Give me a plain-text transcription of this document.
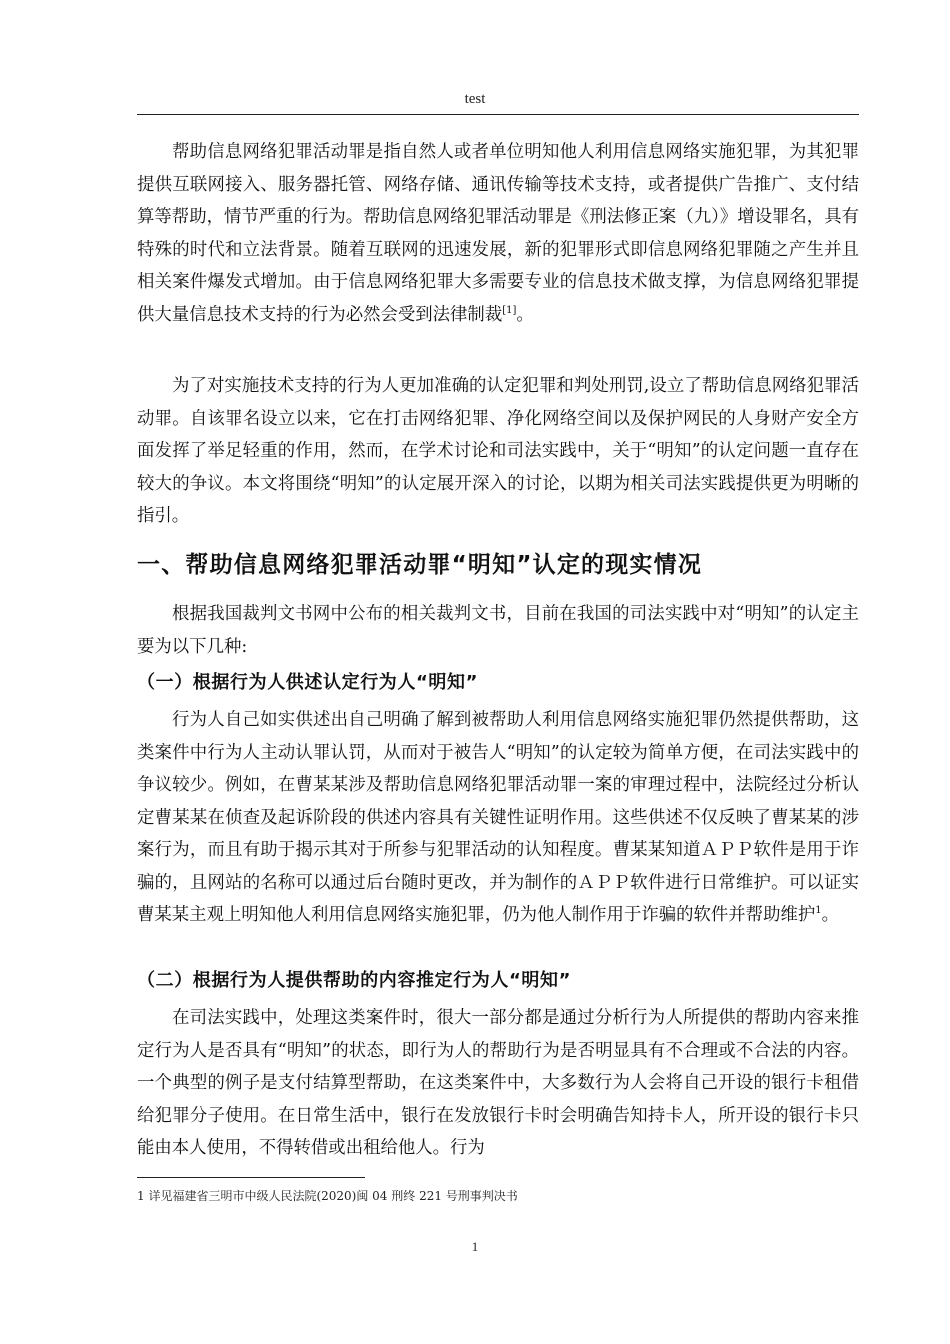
test

帮助信息网络犯罪活动罪是指自然人或者单位明知他人利用信息网络实施犯罪，为其犯罪提供互联网接入、服务器托管、网络存储、通讯传输等技术支持，或者提供广告推广、支付结算等帮助，情节严重的行为。帮助信息网络犯罪活动罪是《刑法修正案（九）》增设罪名，具有特殊的时代和立法背景。随着互联网的迅速发展，新的犯罪形式即信息网络犯罪随之产生并且相关案件爆发式增加。由于信息网络犯罪大多需要专业的信息技术做支撑，为信息网络犯罪提供大量信息技术支持的行为必然会受到法律制裁[1]。

为了对实施技术支持的行为人更加准确的认定犯罪和判处刑罚,设立了帮助信息网络犯罪活动罪。自该罪名设立以来，它在打击网络犯罪、净化网络空间以及保护网民的人身财产安全方面发挥了举足轻重的作用，然而，在学术讨论和司法实践中，关于“明知”的认定问题一直存在较大的争议。本文将围绕“明知”的认定展开深入的讨论，以期为相关司法实践提供更为明晰的指引。

一、帮助信息网络犯罪活动罪“明知”认定的现实情况

根据我国裁判文书网中公布的相关裁判文书，目前在我国的司法实践中对“明知”的认定主要为以下几种:

（一）根据行为人供述认定行为人“明知”

行为人自己如实供述出自己明确了解到被帮助人利用信息网络实施犯罪仍然提供帮助，这类案件中行为人主动认罪认罚，从而对于被告人“明知”的认定较为简单方便，在司法实践中的争议较少。例如，在曹某某涉及帮助信息网络犯罪活动罪一案的审理过程中，法院经过分析认定曹某某在侦查及起诉阶段的供述内容具有关键性证明作用。这些供述不仅反映了曹某某的涉案行为，而且有助于揭示其对于所参与犯罪活动的认知程度。曹某某知道ＡＰＰ软件是用于诈骗的，且网站的名称可以通过后台随时更改，并为制作的ＡＰＰ软件进行日常维护。可以证实曹某某主观上明知他人利用信息网络实施犯罪，仍为他人制作用于诈骗的软件并帮助维护$^1$。

（二）根据行为人提供帮助的内容推定行为人“明知”

在司法实践中，处理这类案件时，很大一部分都是通过分析行为人所提供的帮助内容来推定行为人是否具有“明知”的状态，即行为人的帮助行为是否明显具有不合理或不合法的内容。一个典型的例子是支付结算型帮助，在这类案件中，大多数行为人会将自己开设的银行卡租借给犯罪分子使用。在日常生活中，银行在发放银行卡时会明确告知持卡人，所开设的银行卡只能由本人使用，不得转借或出租给他人。行为

1 详见福建省三明市中级人民法院(2020)闽 04 刑终 221 号刑事判决书
1
